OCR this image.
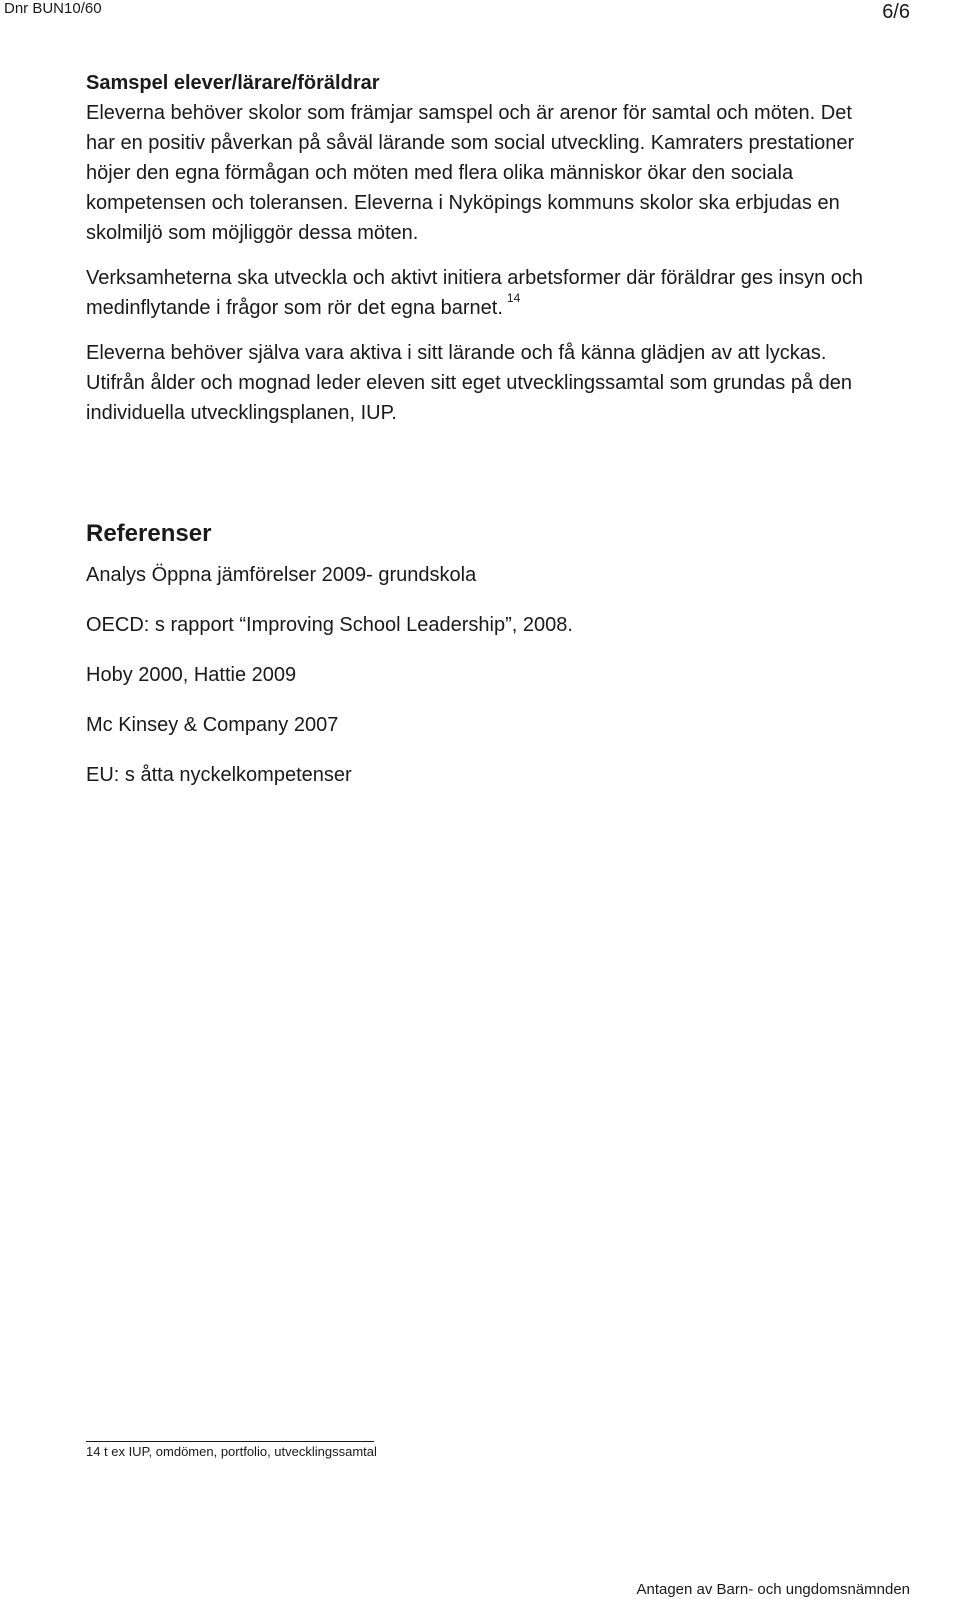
Dnr BUN10/60	6/6
Samspel elever/lärare/föräldrar

Eleverna behöver skolor som främjar samspel och är arenor för samtal och möten. Det har en positiv påverkan på såväl lärande som social utveckling. Kamraters prestationer höjer den egna förmågan och möten med flera olika människor ökar den sociala kompetensen och toleransen. Eleverna i Nyköpings kommuns skolor ska erbjudas en skolmiljö som möjliggör dessa möten.

Verksamheterna ska utveckla och aktivt initiera arbetsformer där föräldrar ges insyn och medinflytande i frågor som rör det egna barnet. $^{14}$

Eleverna behöver själva vara aktiva i sitt lärande och få känna glädjen av att lyckas. Utifrån ålder och mognad leder eleven sitt eget utvecklingssamtal som grundas på den individuella utvecklingsplanen, IUP.

Referenser
Analys Öppna jämförelser 2009- grundskola
OECD: s rapport “Improving School Leadership”, 2008.
Hoby 2000, Hattie 2009
Mc Kinsey & Company 2007
EU: s åtta nyckelkompetenser
14 t ex IUP, omdömen, portfolio, utvecklingssamtal
Antagen av Barn- och ungdomsnämnden
